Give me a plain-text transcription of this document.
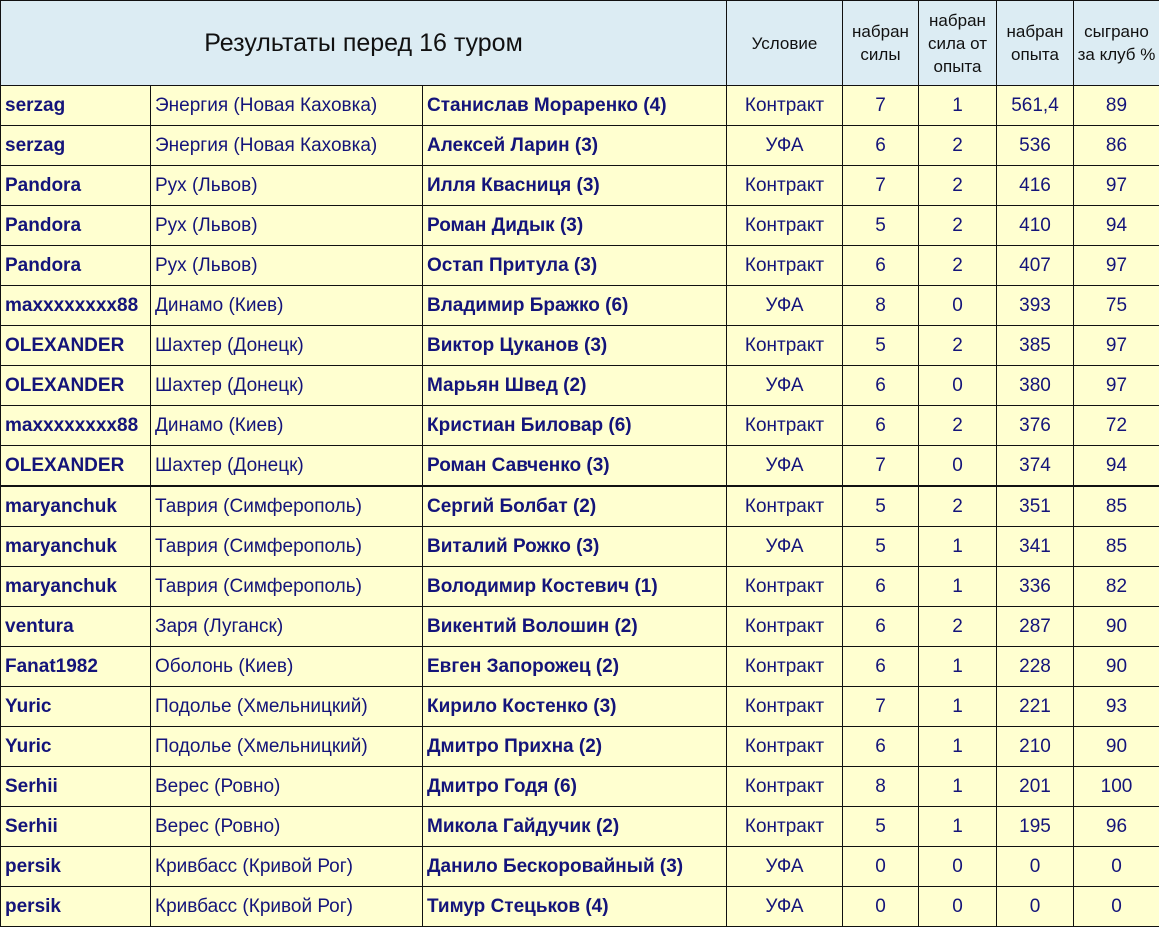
Результаты перед 16 туром			Условие	набран силы	набран сила от опыта	набран опыта	сыграно за клуб %
serzag	Энергия (Новая Каховка)	Станислав Мораренко (4)	Контракт	7	1	561,4	89
serzag	Энергия (Новая Каховка)	Алексей Ларин (3)	УФА	6	2	536	86
Pandora	Рух (Львов)	Илля Квасниця (3)	Контракт	7	2	416	97
Pandora	Рух (Львов)	Роман Дидык (3)	Контракт	5	2	410	94
Pandora	Рух (Львов)	Остап Притула (3)	Контракт	6	2	407	97
maxxxxxxxx88	Динамо (Киев)	Владимир Бражко (6)	УФА	8	0	393	75
OLEXANDER	Шахтер (Донецк)	Виктор Цуканов (3)	Контракт	5	2	385	97
OLEXANDER	Шахтер (Донецк)	Марьян Швед (2)	УФА	6	0	380	97
maxxxxxxxx88	Динамо (Киев)	Кристиан Биловар (6)	Контракт	6	2	376	72
OLEXANDER	Шахтер (Донецк)	Роман Савченко (3)	УФА	7	0	374	94
maryanchuk	Таврия (Симферополь)	Сергий Болбат (2)	Контракт	5	2	351	85
maryanchuk	Таврия (Симферополь)	Виталий Рожко (3)	УФА	5	1	341	85
maryanchuk	Таврия (Симферополь)	Володимир Костевич (1)	Контракт	6	1	336	82
ventura	Заря (Луганск)	Викентий Волошин (2)	Контракт	6	2	287	90
Fanat1982	Оболонь (Киев)	Евген Запорожец (2)	Контракт	6	1	228	90
Yuric	Подолье (Хмельницкий)	Кирило Костенко (3)	Контракт	7	1	221	93
Yuric	Подолье (Хмельницкий)	Дмитро Прихна (2)	Контракт	6	1	210	90
Serhii	Верес (Ровно)	Дмитро Годя (6)	Контракт	8	1	201	100
Serhii	Верес (Ровно)	Микола Гайдучик (2)	Контракт	5	1	195	96
persik	Кривбасс (Кривой Рог)	Данило Бескоровайный (3)	УФА	0	0	0	0
persik	Кривбасс (Кривой Рог)	Тимур Стецьков (4)	УФА	0	0	0	0
